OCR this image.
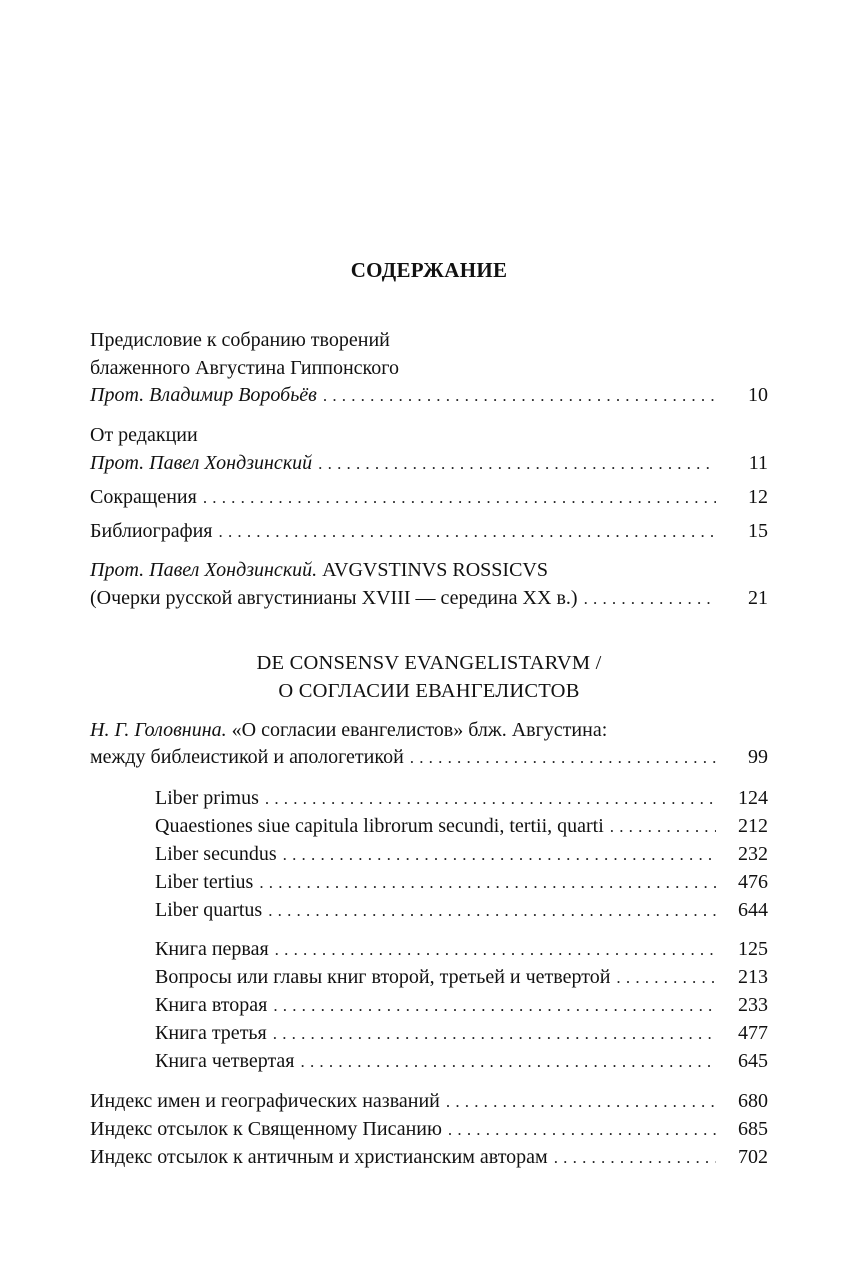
СОДЕРЖАНИЕ
Предисловие к собранию творений
блаженного Августина Гиппонского
Прот. Владимир Воробьёв .....	10
От редакции
Прот. Павел Хондзинский .....	11
Сокращения .....	12
Библиография .....	15
Прот. Павел Хондзинский. AVGVSTINVS ROSSICVS
(Очерки русской августинианы XVIII — середина XX в.) .....	21
DE CONSENSV EVANGELISTARVM /
О СОГЛАСИИ ЕВАНГЕЛИСТОВ
Н. Г. Головнина. «О согласии евангелистов» блж. Августина:
между библеистикой и апологетикой .....	99
Liber primus .....	124
Quaestiones siue capitula librorum secundi, tertii, quarti .....	212
Liber secundus .....	232
Liber tertius .....	476
Liber quartus .....	644
Книга первая .....	125
Вопросы или главы книг второй, третьей и четвертой .....	213
Книга вторая .....	233
Книга третья .....	477
Книга четвертая .....	645
Индекс имен и географических названий .....	680
Индекс отсылок к Священному Писанию .....	685
Индекс отсылок к античным и христианским авторам .....	702
